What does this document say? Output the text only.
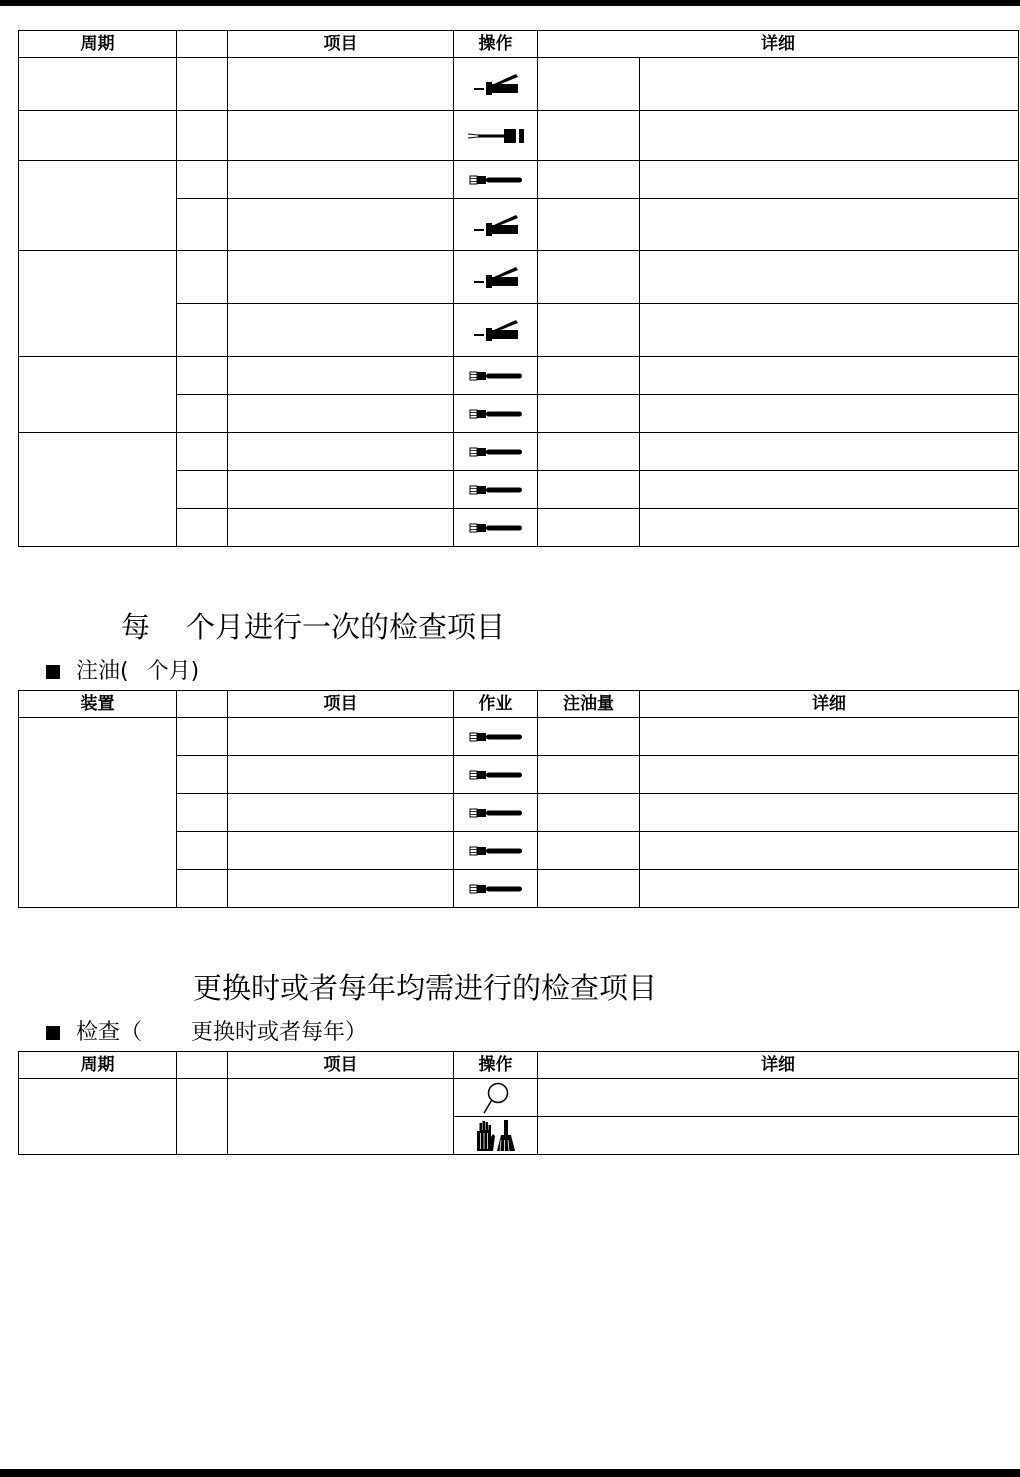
周期		项目	操作	详细	

每 个月进行一次的检查项目
注油( 个月)
装置		项目	作业	注油量	详细

更换时或者每年均需进行的检查项目
检查（ 更换时或者每年）
周期		项目	操作	详细
